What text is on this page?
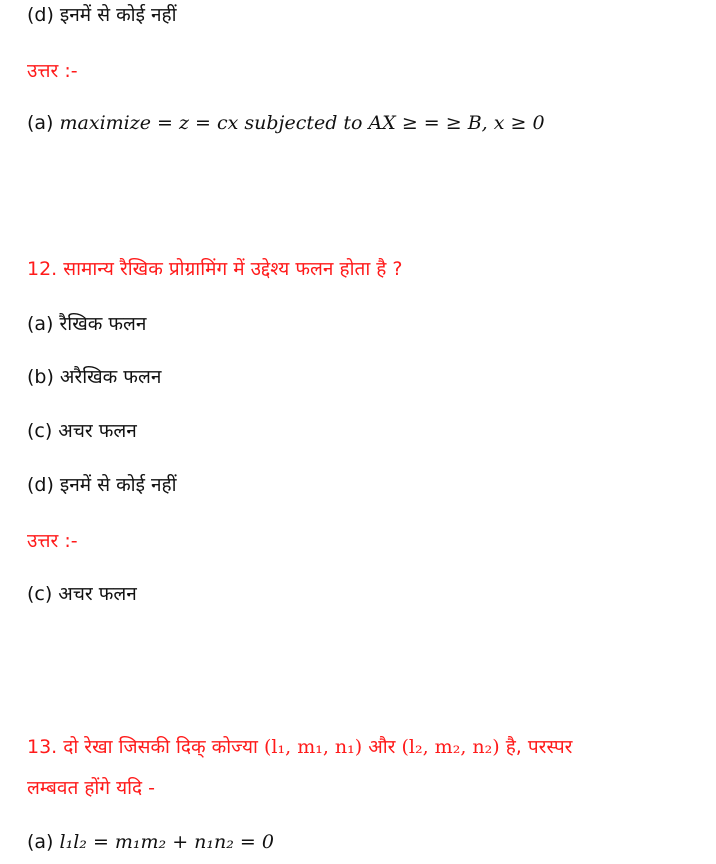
(d) इनमें से कोई नहीं
उत्तर :-
(a) maximize = z = cx subjected to AX ≥ = ≥ B, x ≥ 0
12. सामान्य रैखिक प्रोग्रामिंग में उद्देश्य फलन होता है ?
(a) रैखिक फलन
(b) अरैखिक फलन
(c) अचर फलन
(d) इनमें से कोई नहीं
उत्तर :-
(c) अचर फलन
13. दो रेखा जिसकी दिक् कोज्या (l₁, m₁, n₁) और (l₂, m₂, n₂) है, परस्पर
लम्बवत होंगे यदि -
(a) l₁l₂ = m₁m₂ + n₁n₂ = 0
